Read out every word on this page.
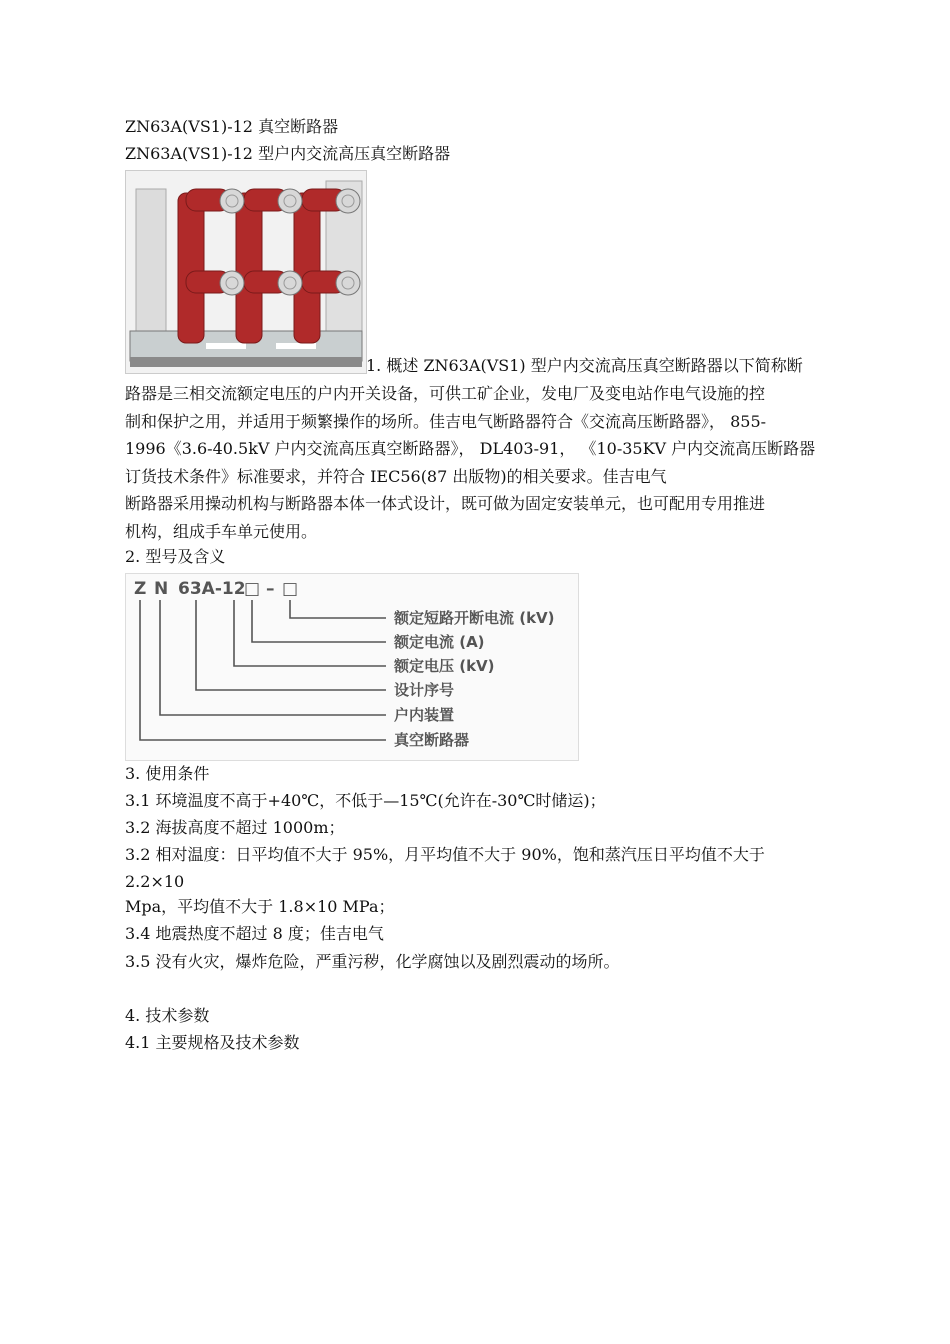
ZN63A(VS1)-12 真空断路器
ZN63A(VS1)-12 型户内交流高压真空断路器
1. 概述 ZN63A(VS1) 型户内交流高压真空断路器以下简称断
路器是三相交流额定电压的户内开关设备，可供工矿企业，发电厂及变电站作电气设施的控
制和保护之用，并适用于频繁操作的场所。佳吉电气断路器符合《交流高压断路器》， 855-
1996《3.6-40.5kV 户内交流高压真空断路器》， DL403-91， 《10-35KV 户内交流高压断路器
订货技术条件》标准要求，并符合 IEC56(87 出版物)的相关要求。佳吉电气
断路器采用操动机构与断路器本体一体式设计，既可做为固定安装单元，也可配用专用推进
机构，组成手车单元使用。
2. 型号及含义
Z N 63A-12
□ – □
额定短路开断电流 (kV)
额定电流 (A)
额定电压 (kV)
设计序号
户内装置
真空断路器
3. 使用条件
3.1 环境温度不高于+40℃，不低于—15℃(允许在-30℃时储运)；
3.2 海拔高度不超过 1000m；
3.2 相对温度：日平均值不大于 95%，月平均值不大于 90%，饱和蒸汽压日平均值不大于
2.2×10
Mpa，平均值不大于 1.8×10 MPa；
3.4 地震热度不超过 8 度；佳吉电气
3.5 没有火灾，爆炸危险，严重污秽，化学腐蚀以及剧烈震动的场所。
4. 技术参数
4.1 主要规格及技术参数
